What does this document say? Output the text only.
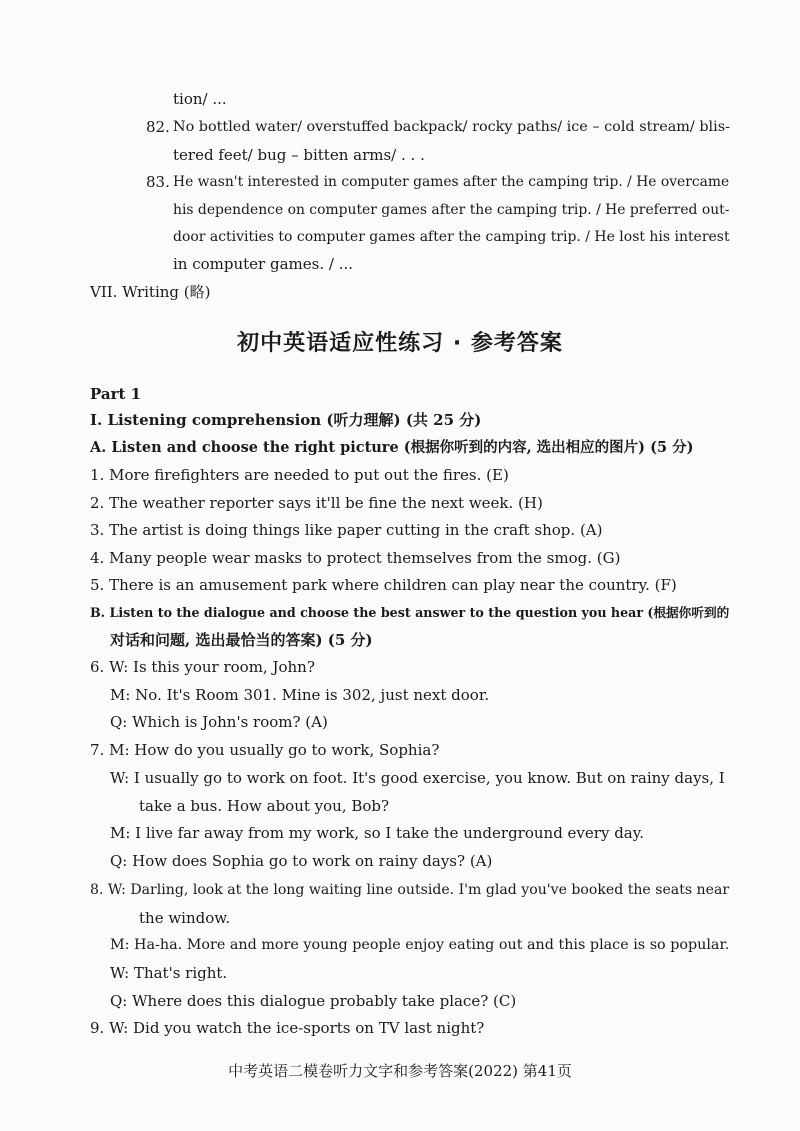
tion/ ...
82. No bottled water/ overstuffed backpack/ rocky paths/ ice – cold stream/ blis-
tered feet/ bug – bitten arms/ . . .
83. He wasn't interested in computer games after the camping trip. / He overcame
his dependence on computer games after the camping trip. / He preferred out-
door activities to computer games after the camping trip. / He lost his interest
in computer games. / ...
VII. Writing (略)
初中英语适应性练习 · 参考答案
Part 1
Ⅰ. Listening comprehension (听力理解) (共 25 分)
A. Listen and choose the right picture (根据你听到的内容, 选出相应的图片) (5 分)
1. More firefighters are needed to put out the fires. (E)
2. The weather reporter says it'll be fine the next week. (H)
3. The artist is doing things like paper cutting in the craft shop. (A)
4. Many people wear masks to protect themselves from the smog. (G)
5. There is an amusement park where children can play near the country. (F)
B. Listen to the dialogue and choose the best answer to the question you hear (根据你听到的
对话和问题, 选出最恰当的答案) (5 分)
6. W: Is this your room, John?
M: No. It's Room 301. Mine is 302, just next door.
Q: Which is John's room? (A)
7. M: How do you usually go to work, Sophia?
W: I usually go to work on foot. It's good exercise, you know. But on rainy days, I
take a bus. How about you, Bob?
M: I live far away from my work, so I take the underground every day.
Q: How does Sophia go to work on rainy days? (A)
8. W: Darling, look at the long waiting line outside. I'm glad you've booked the seats near
the window.
M: Ha-ha. More and more young people enjoy eating out and this place is so popular.
W: That's right.
Q: Where does this dialogue probably take place? (C)
9. W: Did you watch the ice-sports on TV last night?
中考英语二模卷听力文字和参考答案(2022) 第41页
